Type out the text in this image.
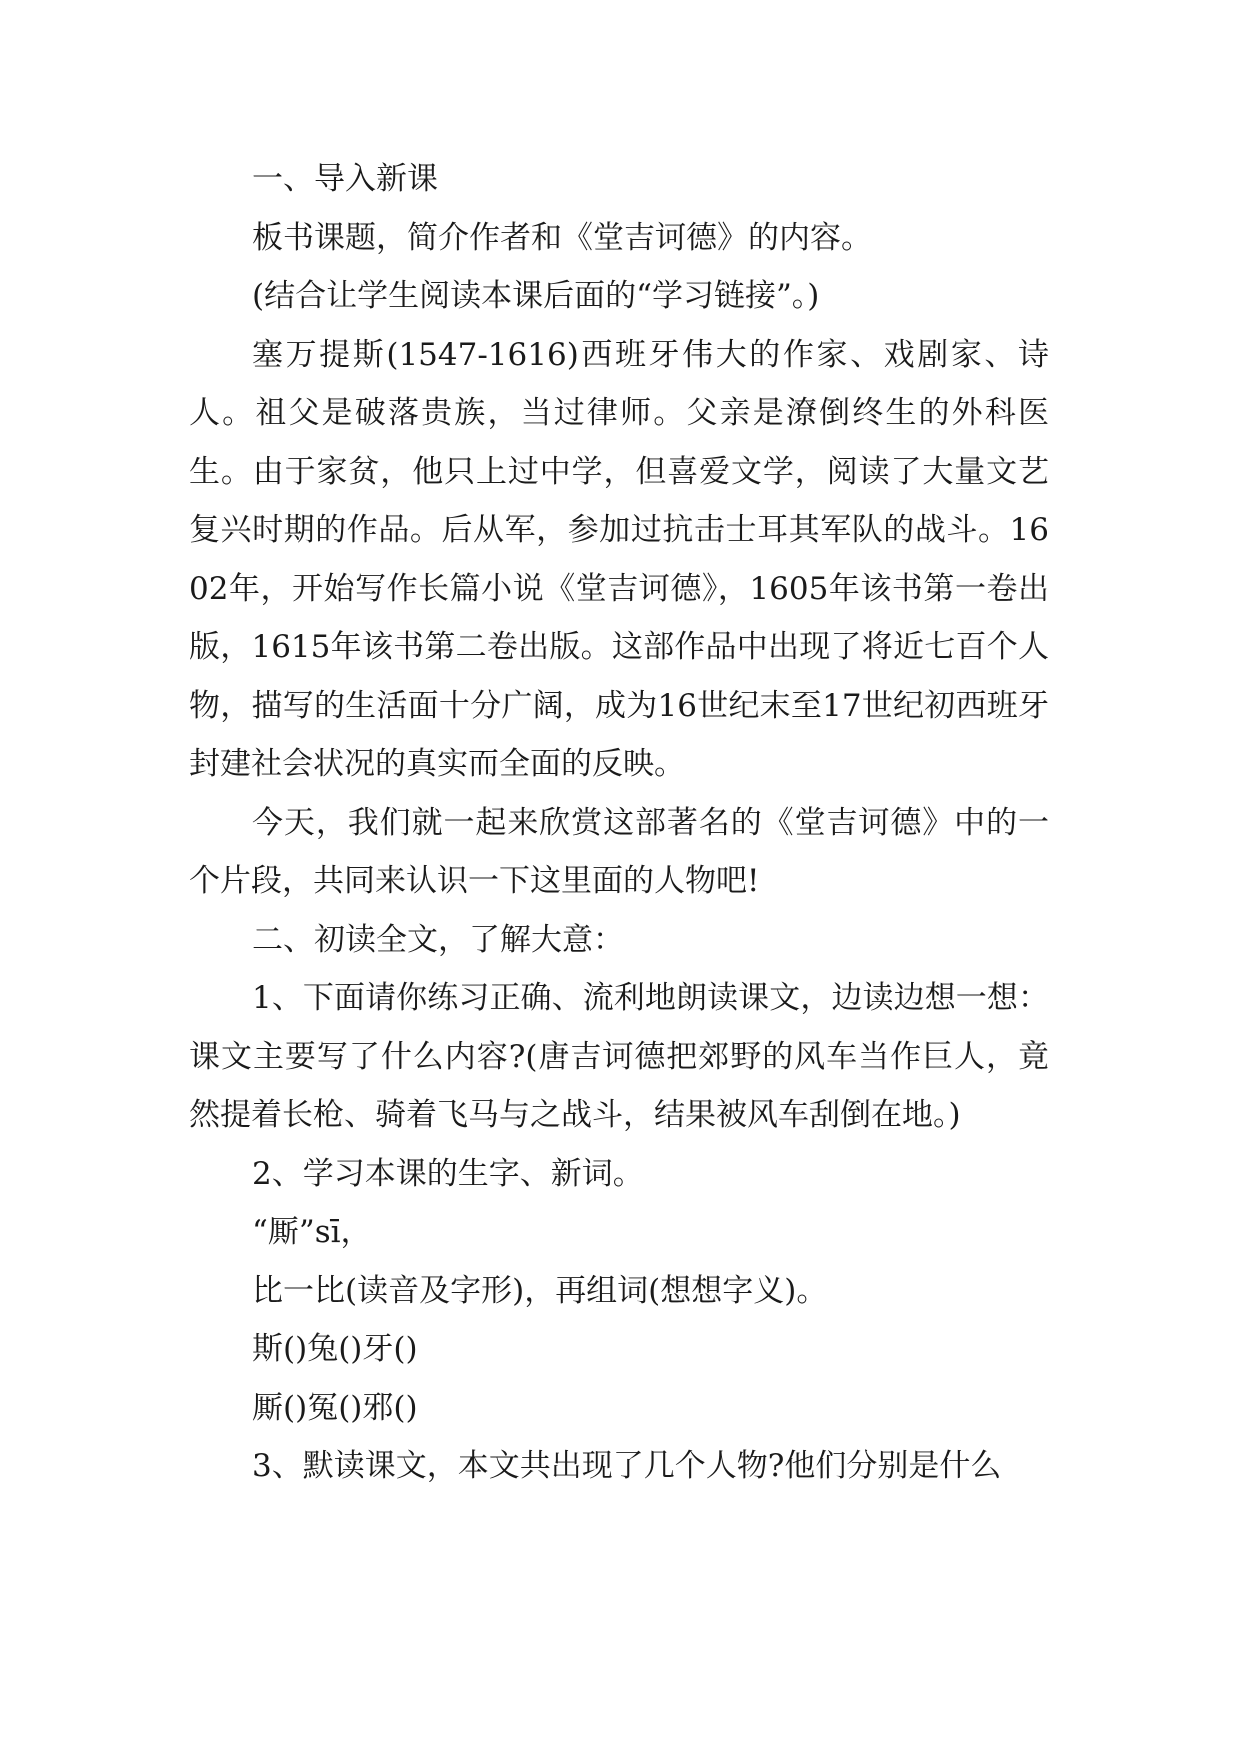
一、导入新课

板书课题，简介作者和《堂吉诃德》的内容。

(结合让学生阅读本课后面的“学习链接”。)

塞万提斯(1547-1616)西班牙伟大的作家、戏剧家、诗人。祖父是破落贵族，当过律师。父亲是潦倒终生的外科医生。由于家贫，他只上过中学，但喜爱文学，阅读了大量文艺复兴时期的作品。后从军，参加过抗击士耳其军队的战斗。1602年，开始写作长篇小说《堂吉诃德》，1605年该书第一卷出版，1615年该书第二卷出版。这部作品中出现了将近七百个人物，描写的生活面十分广阔，成为16世纪末至17世纪初西班牙封建社会状况的真实而全面的反映。

今天，我们就一起来欣赏这部著名的《堂吉诃德》中的一个片段，共同来认识一下这里面的人物吧!

二、初读全文，了解大意：

1、下面请你练习正确、流利地朗读课文，边读边想一想：课文主要写了什么内容?(唐吉诃德把郊野的风车当作巨人，竟然提着长枪、骑着飞马与之战斗，结果被风车刮倒在地。)

2、学习本课的生字、新词。

“厮”sī，

比一比(读音及字形)，再组词(想想字义)。

斯()兔()牙()

厮()冤()邪()

3、默读课文，本文共出现了几个人物?他们分别是什么
